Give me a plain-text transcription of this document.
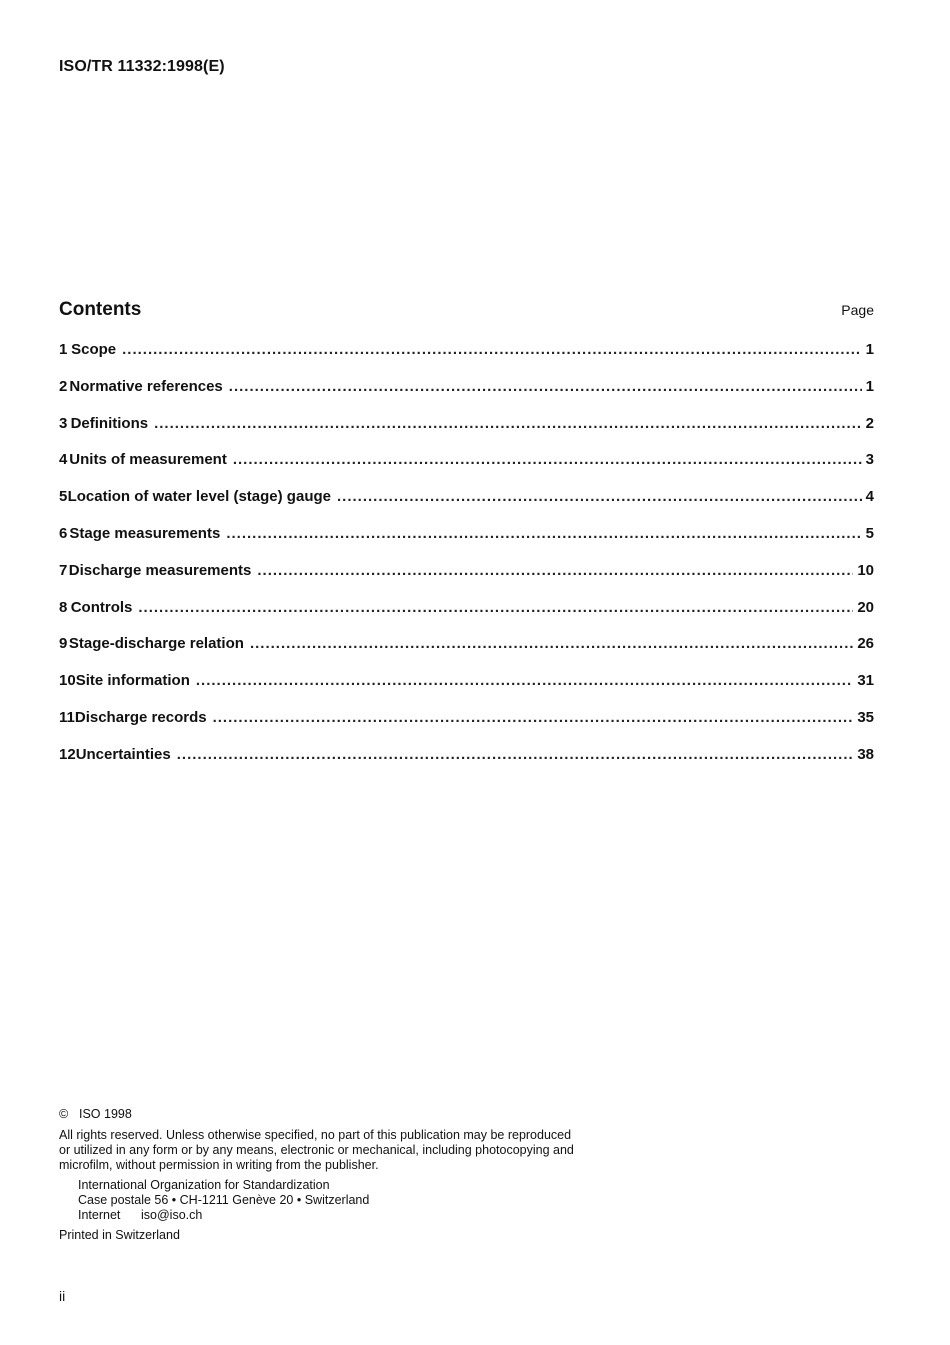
ISO/TR 11332:1998(E)
Contents	Page
1 Scope .....	1
2 Normative references .....	1
3 Definitions .....	2
4 Units of measurement .....	3
5 Location of water level (stage) gauge .....	4
6 Stage measurements .....	5
7 Discharge measurements .....	10
8 Controls .....	20
9 Stage-discharge relation .....	26
10 Site information .....	31
11 Discharge records .....	35
12 Uncertainties .....	38
© ISO 1998
All rights reserved. Unless otherwise specified, no part of this publication may be reproduced
or utilized in any form or by any means, electronic or mechanical, including photocopying and
microfilm, without permission in writing from the publisher.
International Organization for Standardization
Case postale 56 • CH-1211 Genève 20 • Switzerland
Internet iso@iso.ch
Printed in Switzerland
ii
